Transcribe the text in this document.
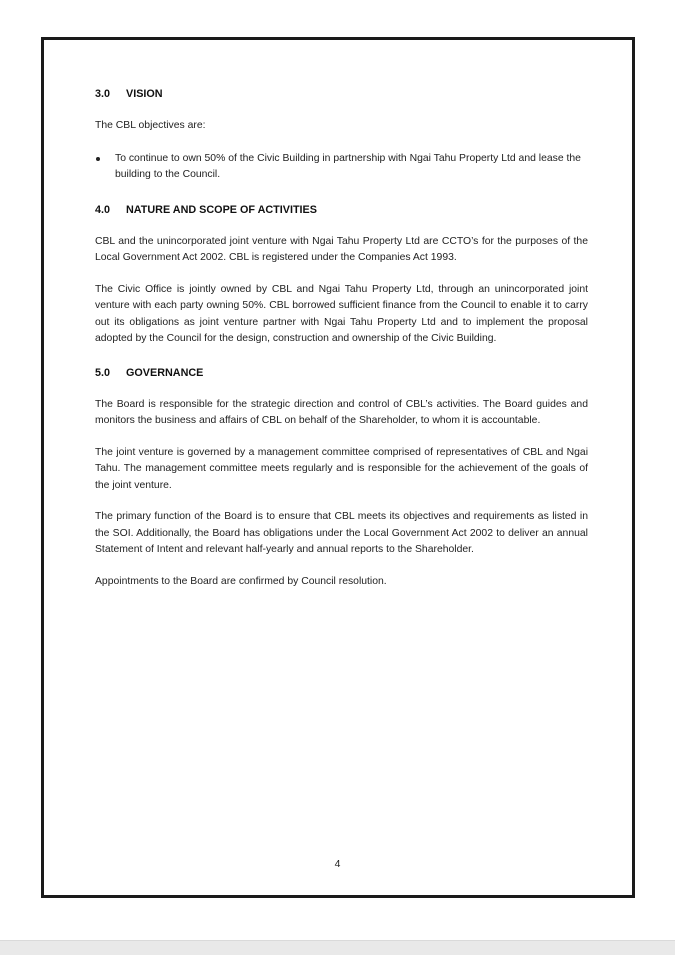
3.0 VISION

The CBL objectives are:

To continue to own 50% of the Civic Building in partnership with Ngai Tahu Property Ltd and lease the building to the Council.
4.0 NATURE AND SCOPE OF ACTIVITIES

CBL and the unincorporated joint venture with Ngai Tahu Property Ltd are CCTO’s for the purposes of the Local Government Act 2002. CBL is registered under the Companies Act 1993.

The Civic Office is jointly owned by CBL and Ngai Tahu Property Ltd, through an unincorporated joint venture with each party owning 50%. CBL borrowed sufficient finance from the Council to enable it to carry out its obligations as joint venture partner with Ngai Tahu Property Ltd and to implement the proposal adopted by the Council for the design, construction and ownership of the Civic Building.

5.0 GOVERNANCE

The Board is responsible for the strategic direction and control of CBL’s activities. The Board guides and monitors the business and affairs of CBL on behalf of the Shareholder, to whom it is accountable.

The joint venture is governed by a management committee comprised of representatives of CBL and Ngai Tahu. The management committee meets regularly and is responsible for the achievement of the goals of the joint venture.

The primary function of the Board is to ensure that CBL meets its objectives and requirements as listed in the SOI. Additionally, the Board has obligations under the Local Government Act 2002 to deliver an annual Statement of Intent and relevant half-yearly and annual reports to the Shareholder.

Appointments to the Board are confirmed by Council resolution.

4
